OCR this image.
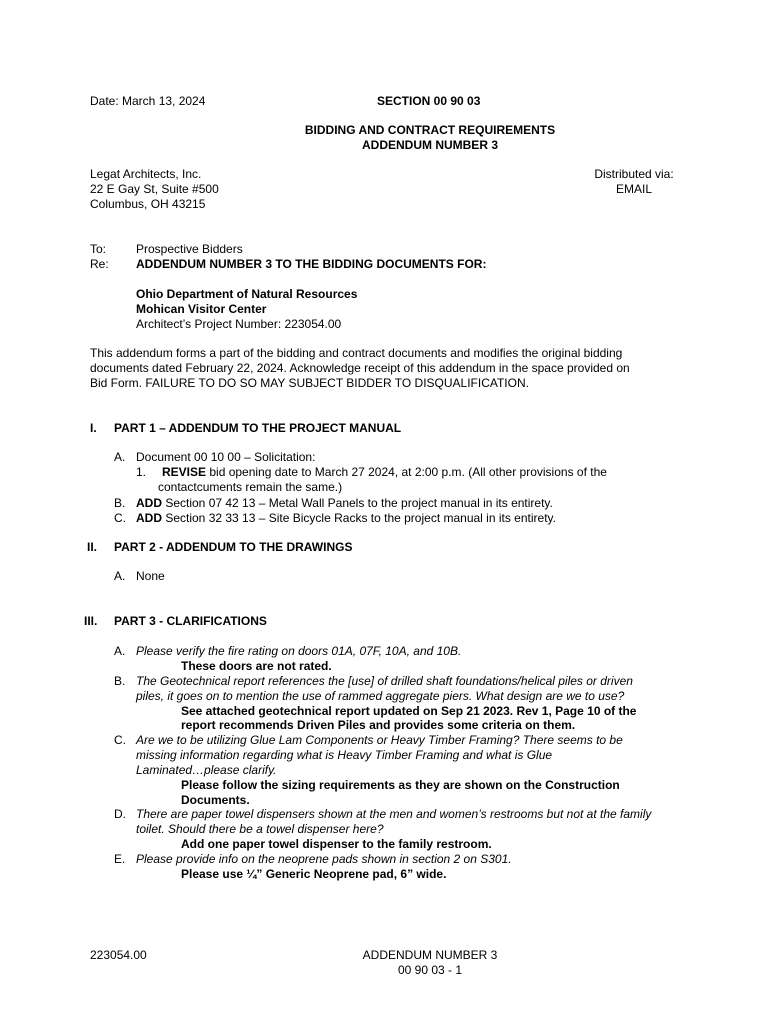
Date: March 13, 2024	SECTION 00 90 03
BIDDING AND CONTRACT REQUIREMENTS
ADDENDUM NUMBER 3
Legat Architects, Inc.
22 E Gay St, Suite #500
Columbus, OH 43215
Distributed via:
EMAIL
To: Prospective Bidders
Re: ADDENDUM NUMBER 3 TO THE BIDDING DOCUMENTS FOR:
Ohio Department of Natural Resources
Mohican Visitor Center
Architect’s Project Number: 223054.00
This addendum forms a part of the bidding and contract documents and modifies the original bidding
documents dated February 22, 2024. Acknowledge receipt of this addendum in the space provided on
Bid Form. FAILURE TO DO SO MAY SUBJECT BIDDER TO DISQUALIFICATION.
I. PART 1 – ADDENDUM TO THE PROJECT MANUAL
A. Document 00 10 00 – Solicitation:
1. REVISE bid opening date to March 27 2024, at 2:00 p.m. (All other provisions of the
contactcuments remain the same.)
B. ADD Section 07 42 13 – Metal Wall Panels to the project manual in its entirety.
C. ADD Section 32 33 13 – Site Bicycle Racks to the project manual in its entirety.
II. PART 2 - ADDENDUM TO THE DRAWINGS
A. None
III. PART 3 - CLARIFICATIONS
A. Please verify the fire rating on doors 01A, 07F, 10A, and 10B.
These doors are not rated.
B. The Geotechnical report references the [use] of drilled shaft foundations/helical piles or driven
piles, it goes on to mention the use of rammed aggregate piers. What design are we to use?
See attached geotechnical report updated on Sep 21 2023. Rev 1, Page 10 of the
report recommends Driven Piles and provides some criteria on them.
C. Are we to be utilizing Glue Lam Components or Heavy Timber Framing? There seems to be
missing information regarding what is Heavy Timber Framing and what is Glue
Laminated…please clarify.
Please follow the sizing requirements as they are shown on the Construction
Documents.
D. There are paper towel dispensers shown at the men and women’s restrooms but not at the family
toilet. Should there be a towel dispenser here?
Add one paper towel dispenser to the family restroom.
E. Please provide info on the neoprene pads shown in section 2 on S301.
Please use ¼” Generic Neoprene pad, 6” wide.
223054.00	ADDENDUM NUMBER 3
00 90 03 - 1
